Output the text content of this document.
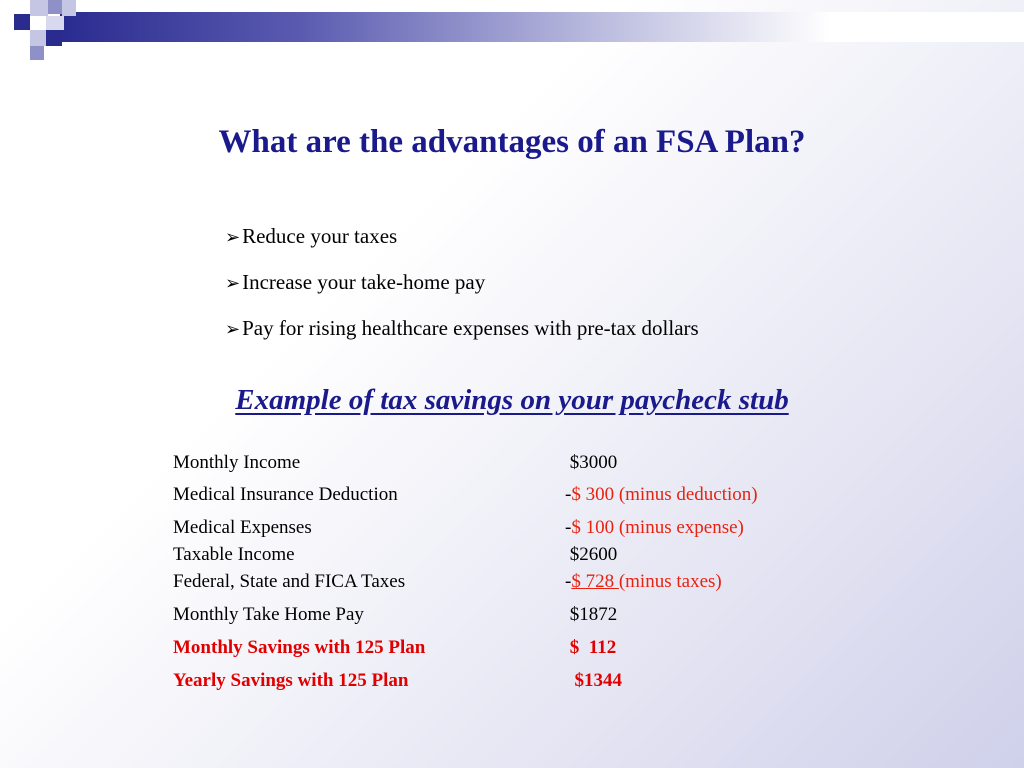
What are the advantages of an FSA Plan?
➢Reduce your taxes
➢Increase your take-home pay
➢Pay for rising healthcare expenses with pre-tax dollars
Example of tax savings on your paycheck stub
Monthly Income	$3000
Medical Insurance Deduction	-$ 300 (minus deduction)
Medical Expenses	-$ 100 (minus expense)
Taxable Income	$2600
Federal, State and FICA Taxes	-$ 728 (minus taxes)
Monthly Take Home Pay	$1872
Monthly Savings with 125 Plan	$  112
Yearly Savings with 125 Plan	$1344
